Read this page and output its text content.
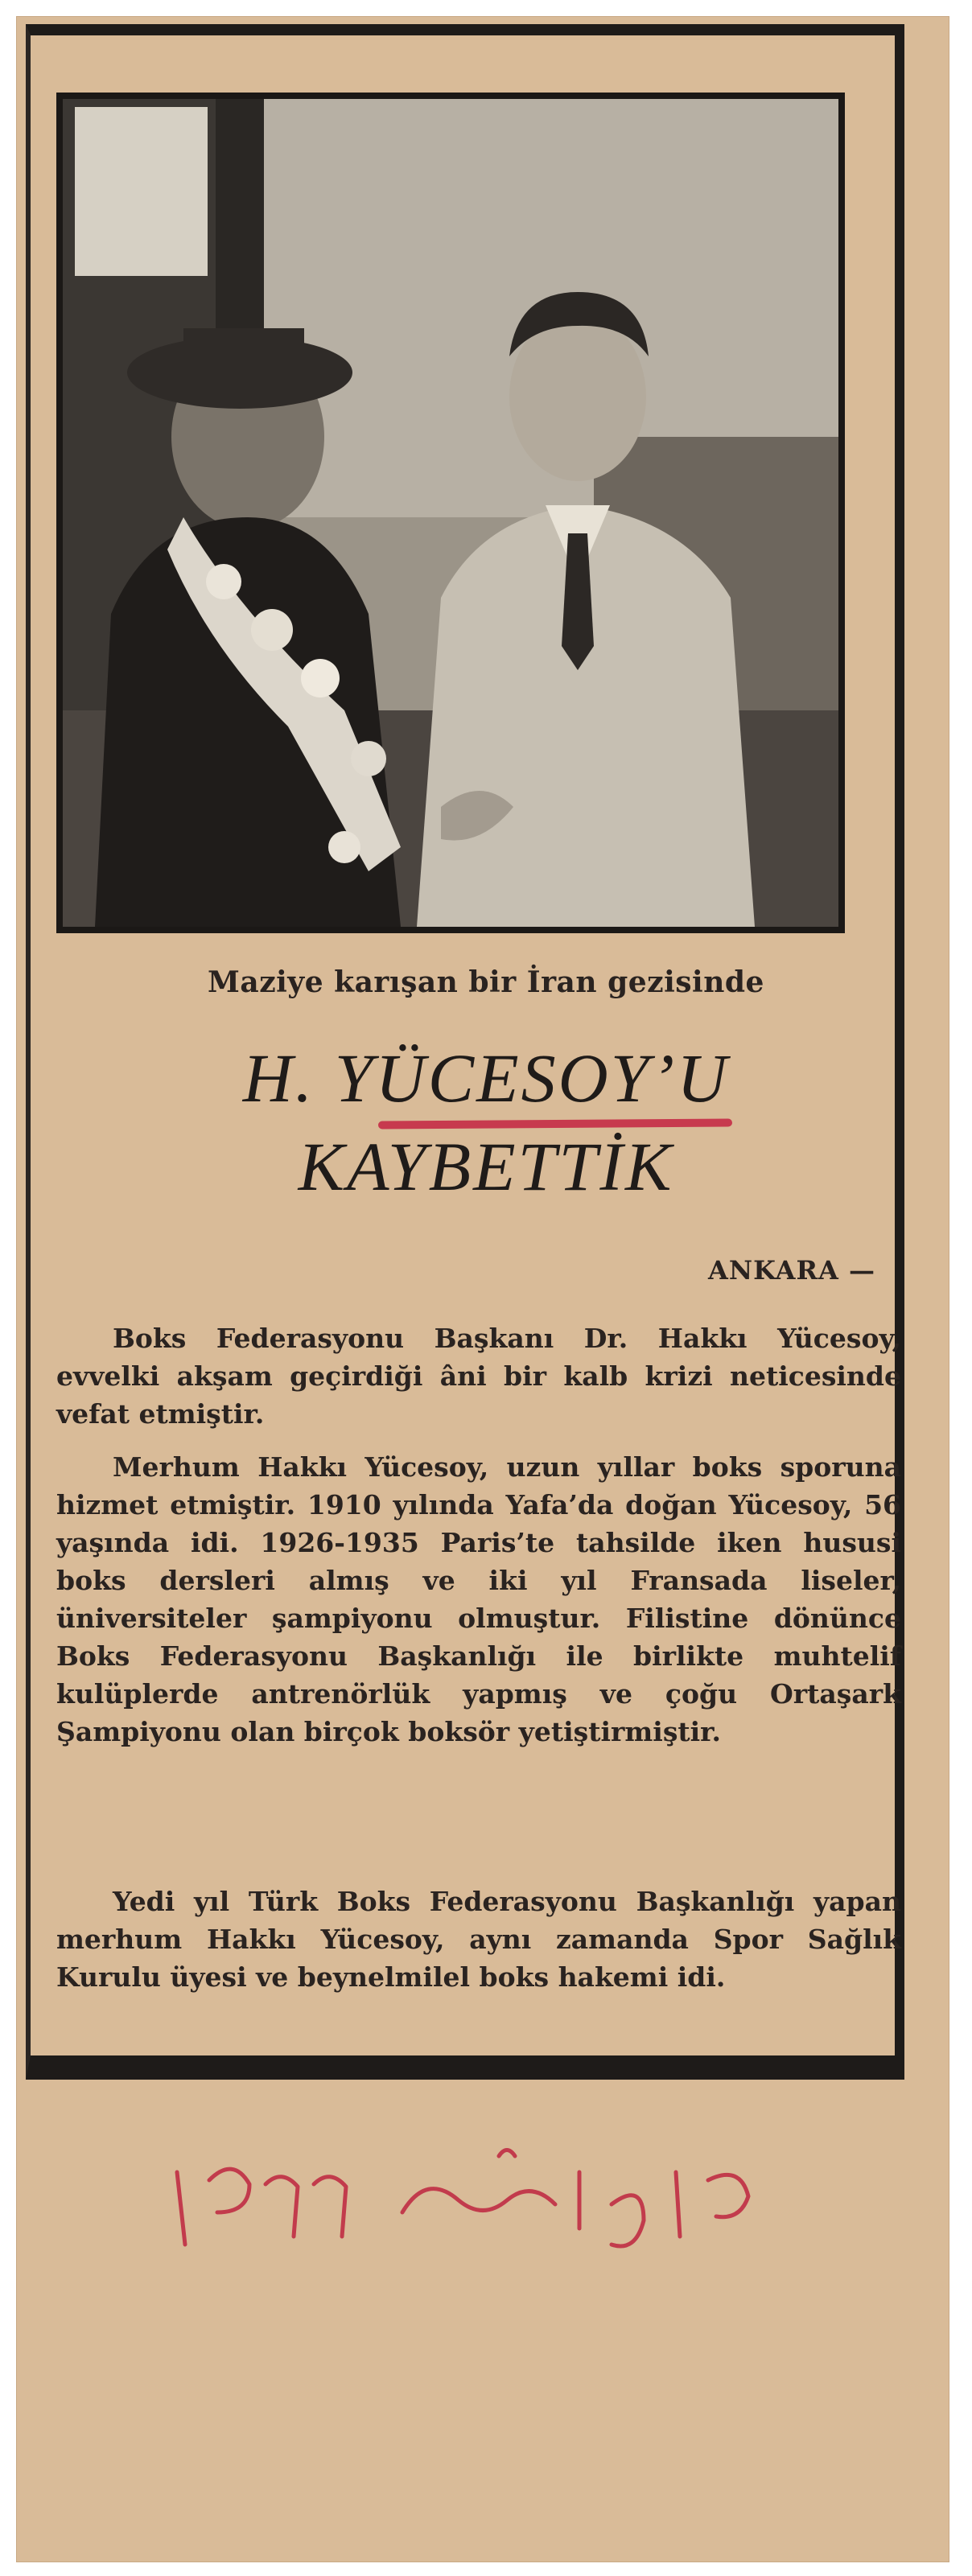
Maziye karışan bir İran gezisinde
H. YÜCESOY’U
KAYBETTİK
ANKARA —
Boks Federasyonu Başkanı Dr. Hakkı Yücesoy, evvelki akşam geçirdiği âni bir kalb krizi neticesinde vefat etmiştir.
Merhum Hakkı Yücesoy, uzun yıllar boks sporuna hizmet etmiştir. 1910 yılında Yafa’da doğan Yücesoy, 56 yaşında idi. 1926-1935 Paris’te tahsilde iken hususi boks dersleri almış ve iki yıl Fransada liseler, üniversiteler şampiyonu olmuştur. Filistine dönünce Boks Federasyonu Başkanlığı ile birlikte muhtelif kulüplerde antrenörlük yapmış ve çoğu Ortaşark Şampiyonu olan birçok boksör yetiştirmiştir.
Yedi yıl Türk Boks Federasyonu Başkanlığı yapan merhum Hakkı Yücesoy, aynı zamanda Spor Sağlık Kurulu üyesi ve beynelmilel boks hakemi idi.
